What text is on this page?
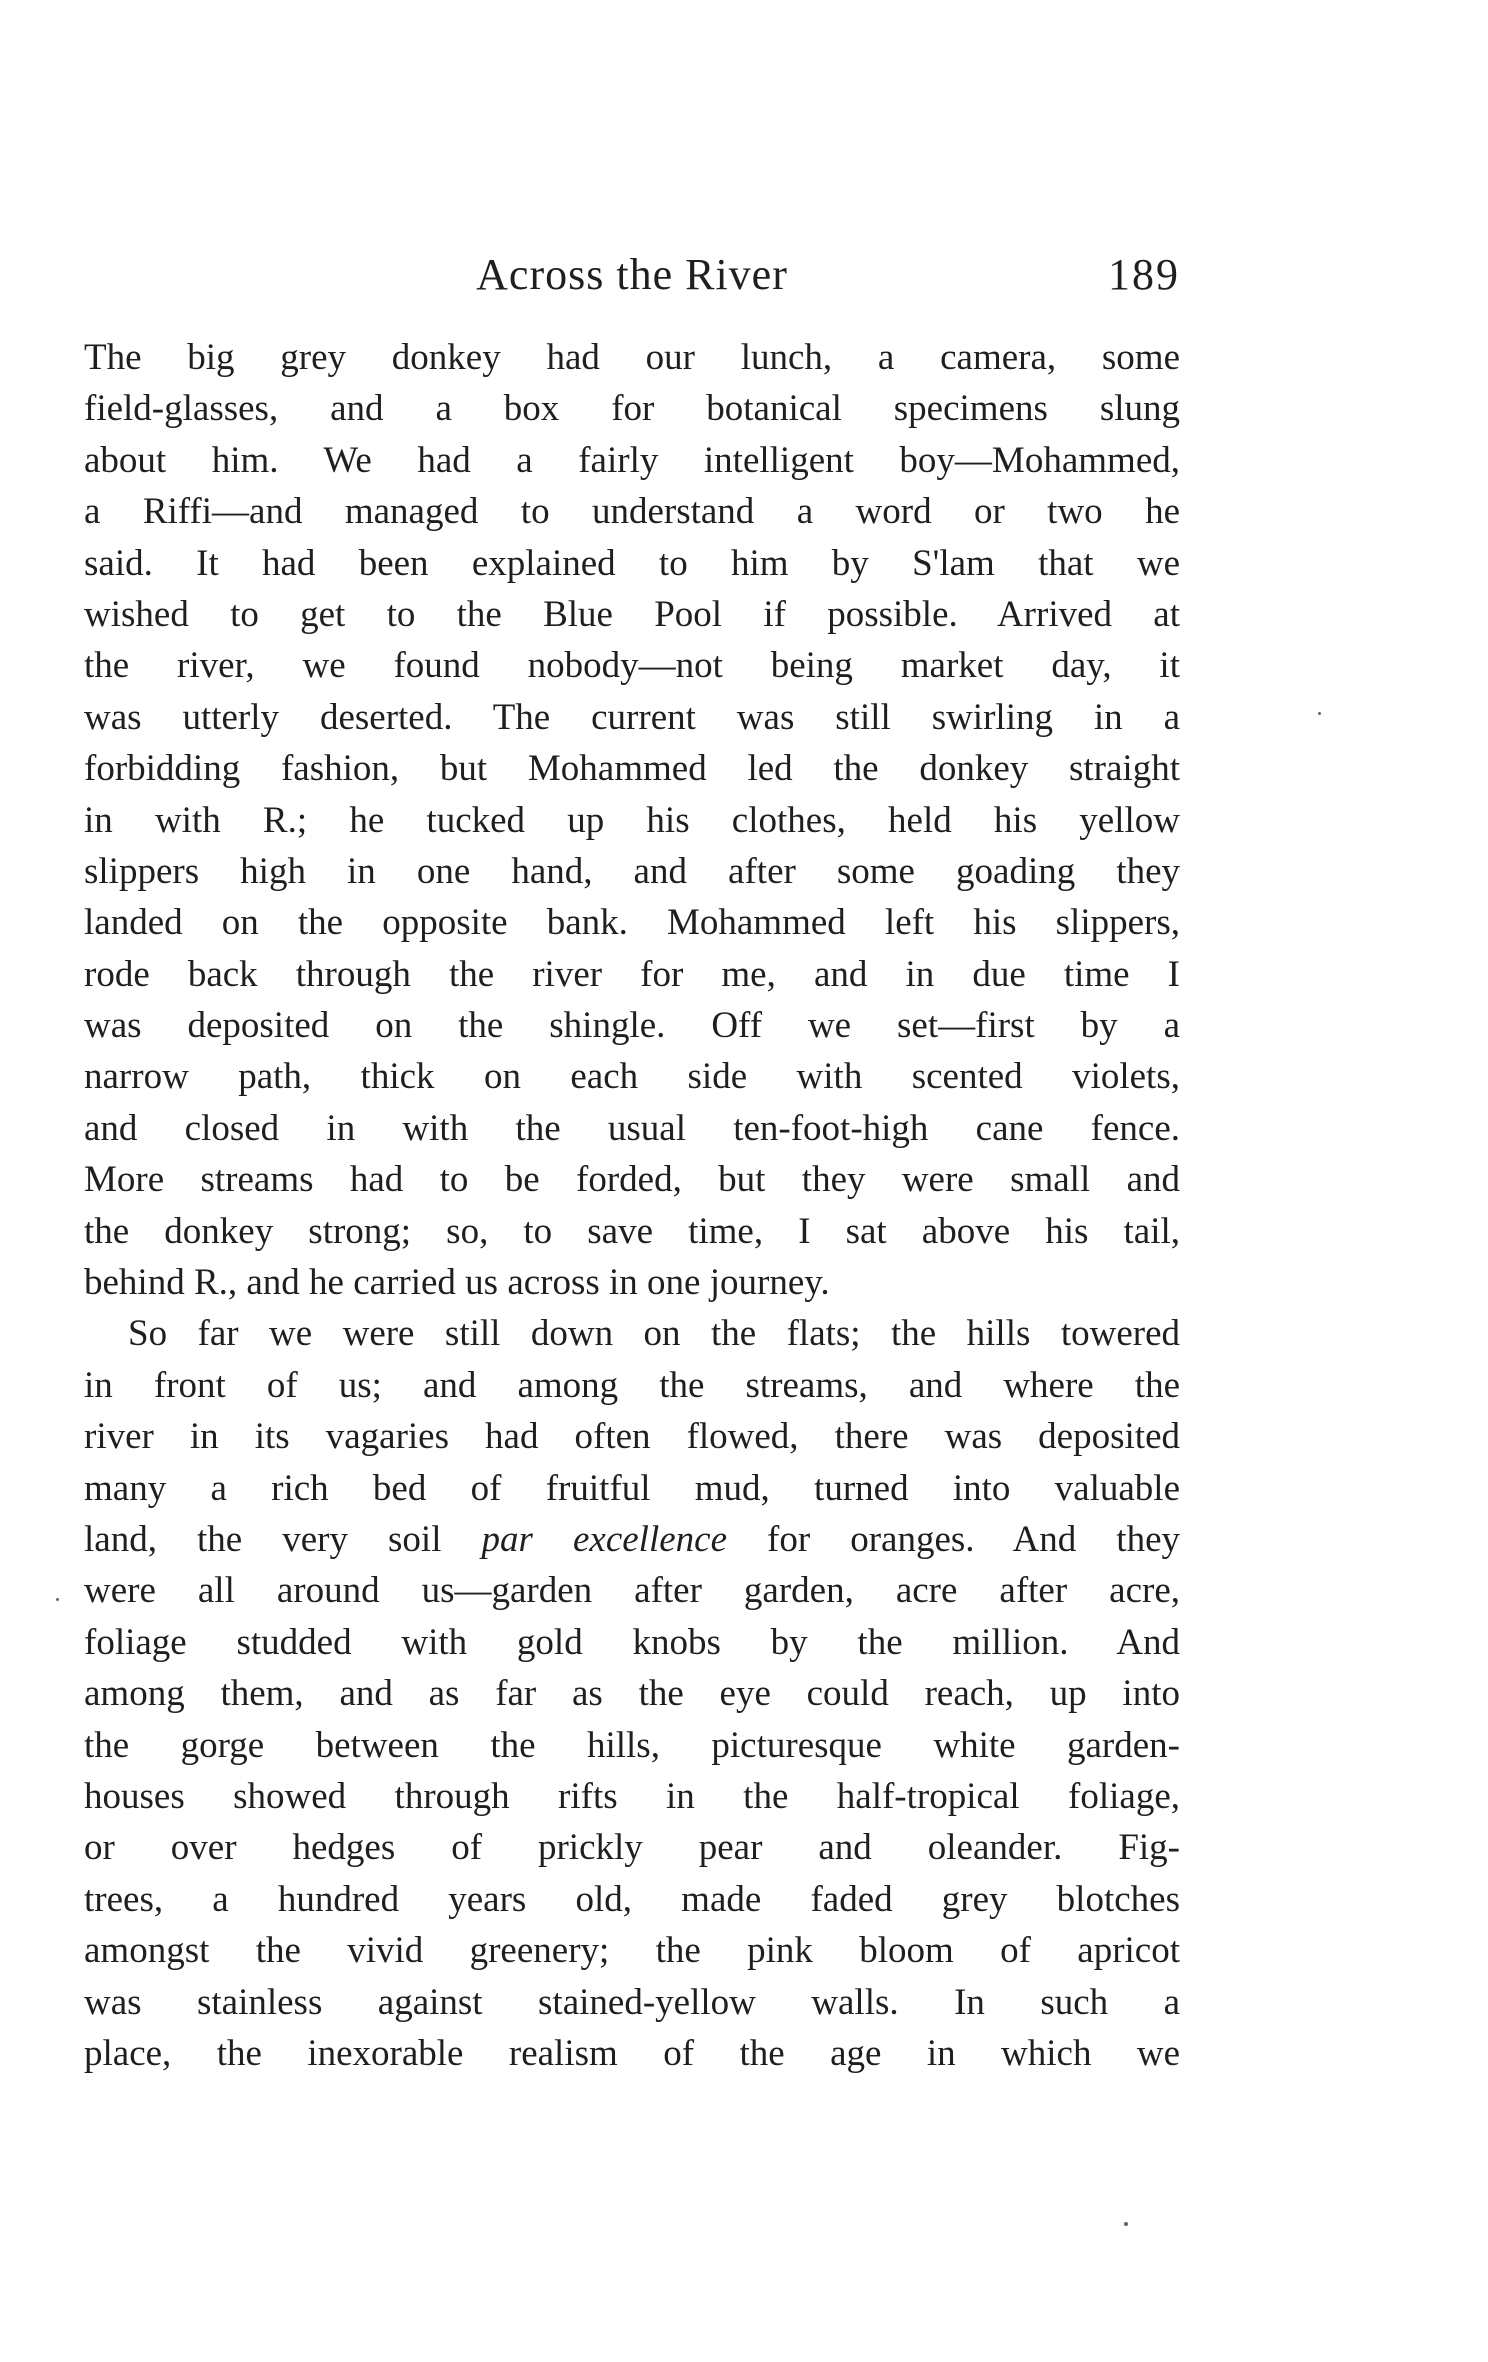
Across the River	189
The big grey donkey had our lunch, a camera, some
field-glasses, and a box for botanical specimens slung
about him. We had a fairly intelligent boy—Mohammed,
a Riffi—and managed to understand a word or two he
said. It had been explained to him by S'lam that we
wished to get to the Blue Pool if possible. Arrived at
the river, we found nobody—not being market day, it
was utterly deserted. The current was still swirling in a
forbidding fashion, but Mohammed led the donkey straight
in with R.; he tucked up his clothes, held his yellow
slippers high in one hand, and after some goading they
landed on the opposite bank. Mohammed left his slippers,
rode back through the river for me, and in due time I
was deposited on the shingle. Off we set—first by a
narrow path, thick on each side with scented violets,
and closed in with the usual ten-foot-high cane fence.
More streams had to be forded, but they were small and
the donkey strong; so, to save time, I sat above his tail,
behind R., and he carried us across in one journey.
So far we were still down on the flats; the hills towered
in front of us; and among the streams, and where the
river in its vagaries had often flowed, there was deposited
many a rich bed of fruitful mud, turned into valuable
land, the very soil par excellence for oranges. And they
were all around us—garden after garden, acre after acre,
foliage studded with gold knobs by the million. And
among them, and as far as the eye could reach, up into
the gorge between the hills, picturesque white garden-
houses showed through rifts in the half-tropical foliage,
or over hedges of prickly pear and oleander. Fig-
trees, a hundred years old, made faded grey blotches
amongst the vivid greenery; the pink bloom of apricot
was stainless against stained-yellow walls. In such a
place, the inexorable realism of the age in which we
